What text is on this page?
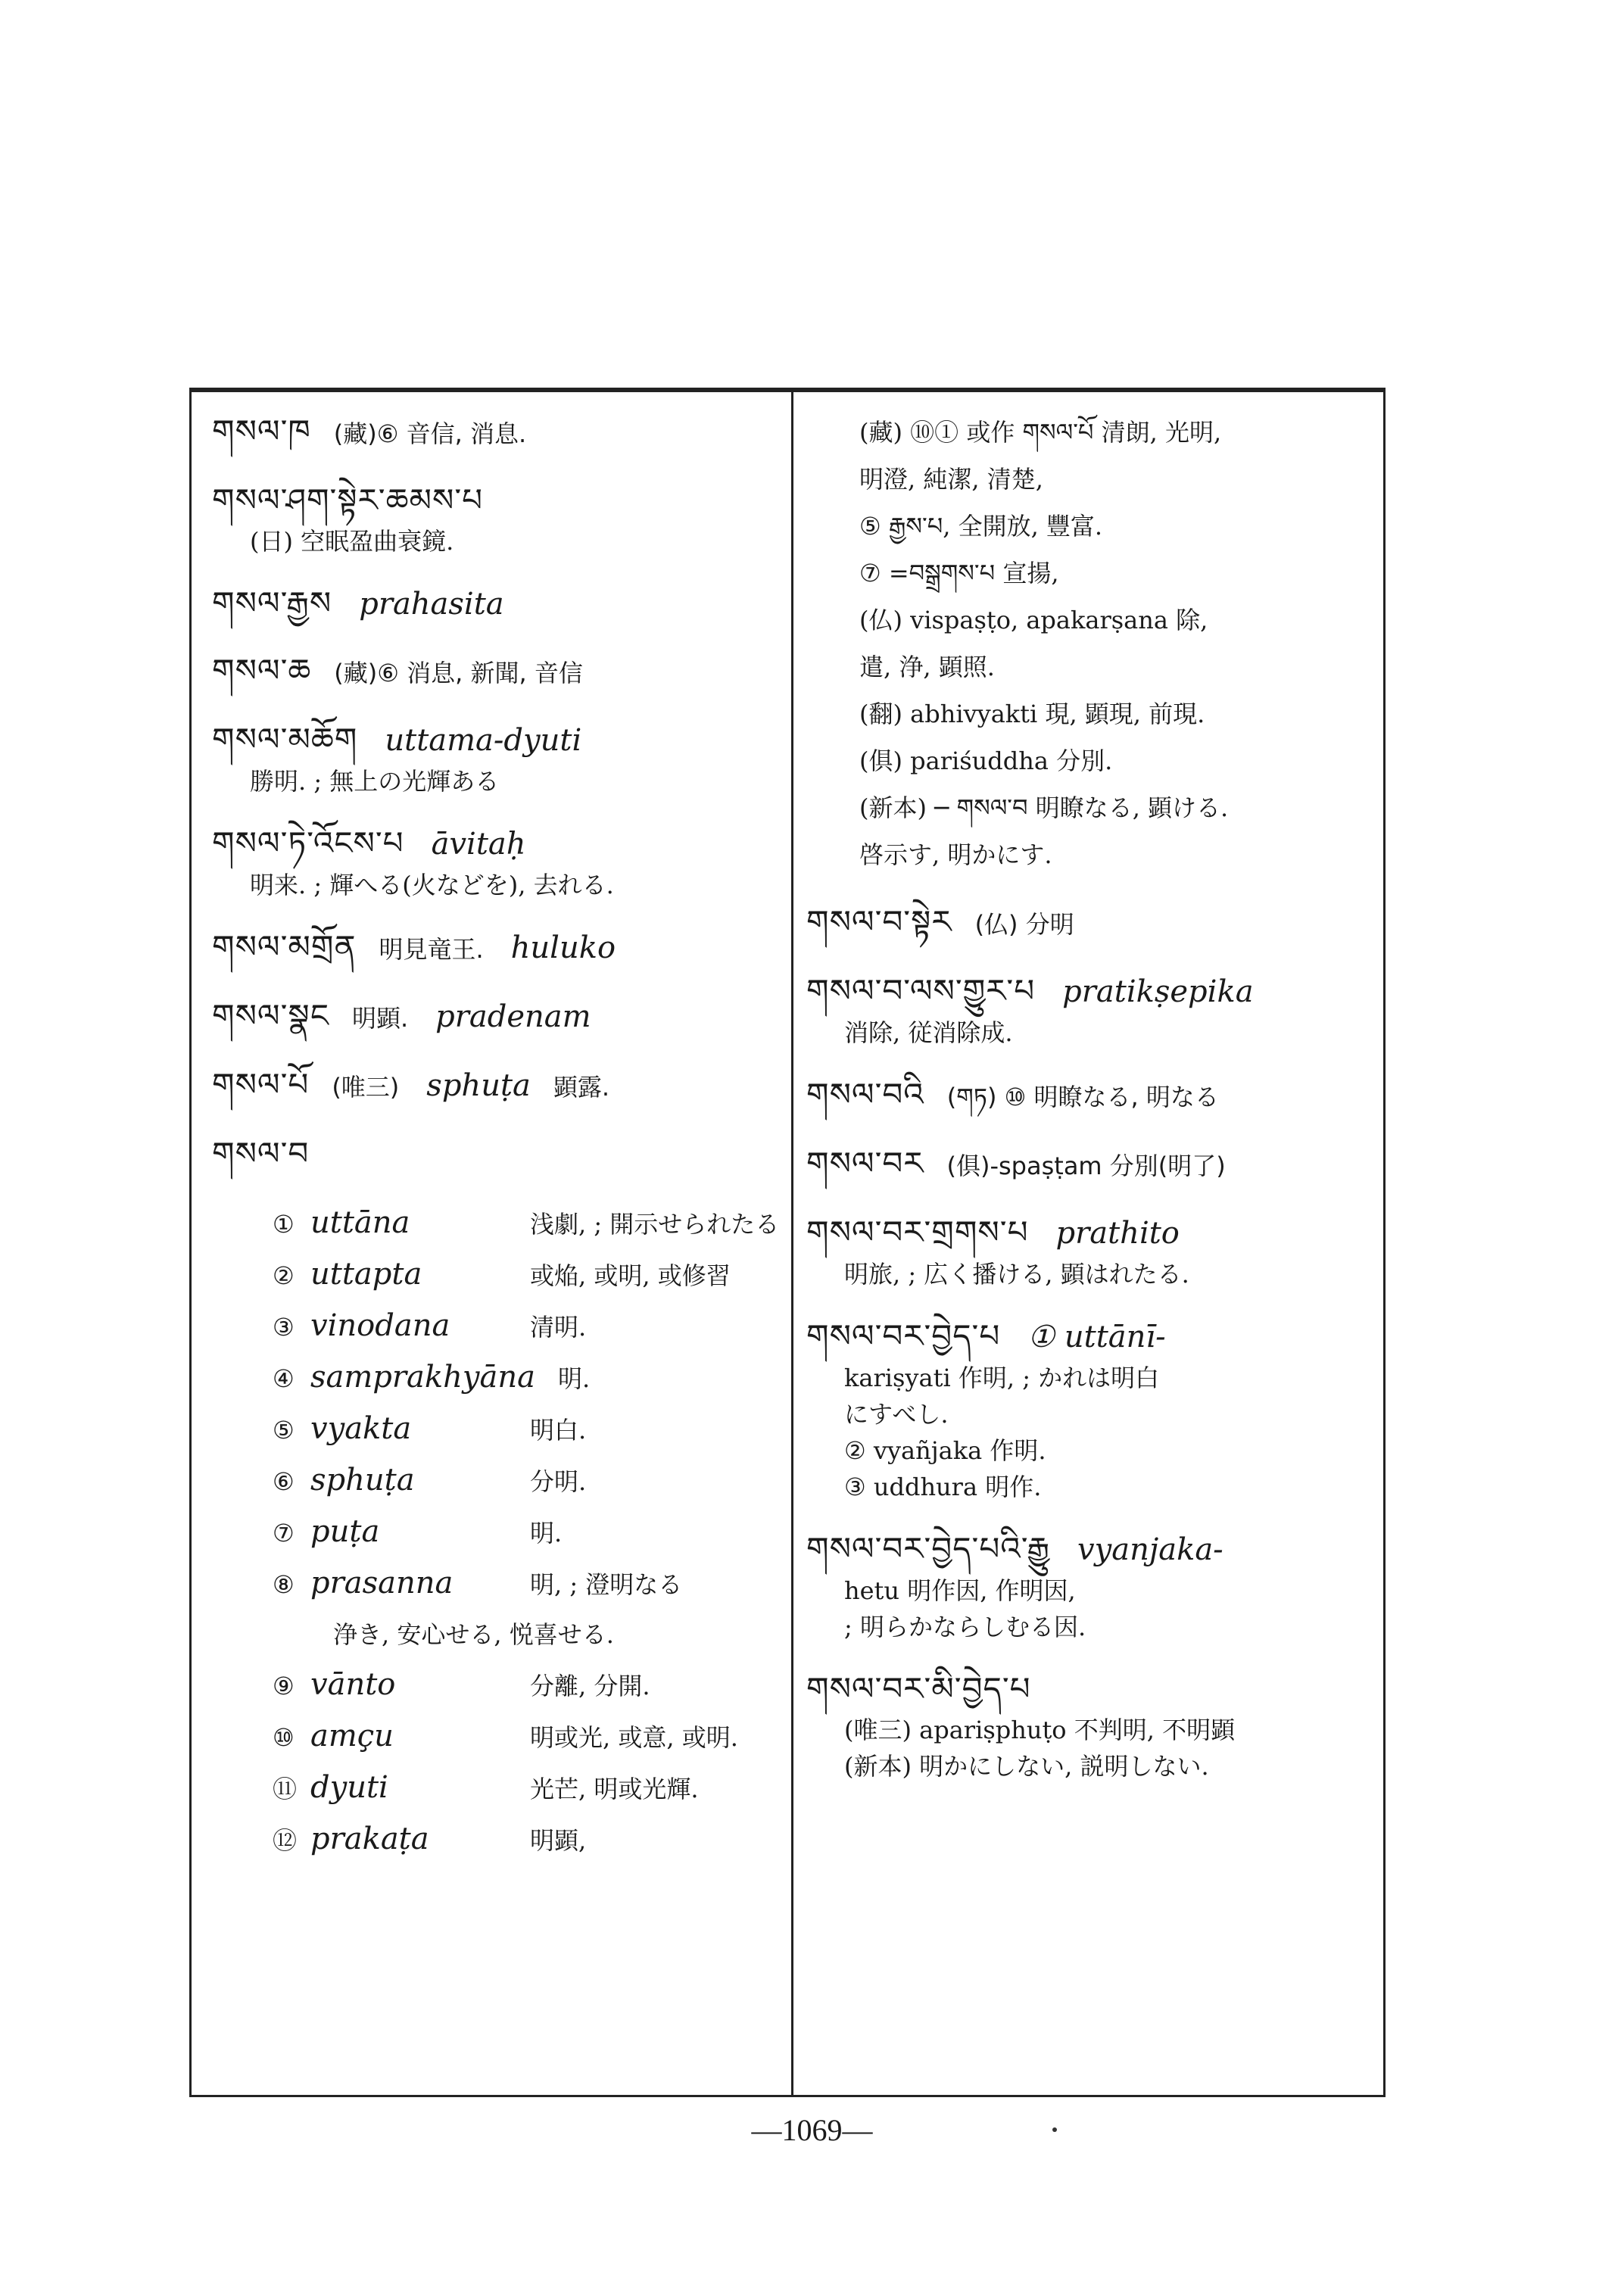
གསལ་ཁ (藏)⑥ 音信, 消息.
གསལ་ཤག་སྟེར་ཆམས་པ
(日) 空眠盈曲衰鏡.
གསལ་རྒྱས prahasita
གསལ་ཆ (藏)⑥ 消息, 新聞, 音信
གསལ་མཆོག uttama-dyuti
勝明. ; 無上の光輝ある
གསལ་ཏེ་འོངས་པ āvitaḥ
明来. ; 輝へる(火などを), 去れる.
གསལ་མགྲོན 明見竜王. huluko
གསལ་སྣང 明顕. pradenam
གསལ་པོ (唯三) sphuṭa 顕露.
གསལ་བ
① uttāna	浅劇, ; 開示せられたる
② uttapta	或焔, 或明, 或修習
③ vinodana	清明.
④ samprakhyāna 明.
⑤ vyakta	明白.
⑥ sphuṭa	分明.
⑦ puṭa	明.
⑧ prasanna	明, ; 澄明なる
浄き, 安心せる, 悦喜せる.
⑨ vānto	分離, 分開.
⑩ amçu	明或光, 或意, 或明.
⑪ dyuti	光芒, 明或光輝.
⑫ prakaṭa	明顕,
(藏) ⑩① 或作 གསལ་པོ 清朗, 光明,
明澄, 純潔, 清楚,
⑤ རྒྱས་པ, 全開放, 豐富.
⑦ =བསྒྲགས་པ 宣揚,
(仏) vispaṣṭo, apakarṣana 除,
遣, 浄, 顕照.
(翻) abhivyakti 現, 顕現, 前現.
(俱) pariśuddha 分別.
(新本) ─ གསལ་བ 明瞭なる, 顕ける.
啓示す, 明かにす.
གསལ་བ་སྟེར (仏) 分明
གསལ་བ་ལས་གྱུར་པ pratikṣepika
消除, 従消除成.
གསལ་བའི (གཏ) ⑩ 明瞭なる, 明なる
གསལ་བར (俱)-spaṣṭam 分別(明了)
གསལ་བར་གྲགས་པ prathito
明旅, ; 広く播ける, 顕はれたる.
གསལ་བར་བྱེད་པ ① uttānī-
kariṣyati 作明, ; かれは明白
にすべし.
② vyañjaka 作明.
③ uddhura 明作.
གསལ་བར་བྱེད་པའི་རྒྱུ vyanjaka-
hetu 明作因, 作明因,
; 明らかならしむる因.
གསལ་བར་མི་བྱེད་པ
(唯三) apariṣphuṭo 不判明, 不明顕
(新本) 明かにしない, 説明しない.
—1069—
